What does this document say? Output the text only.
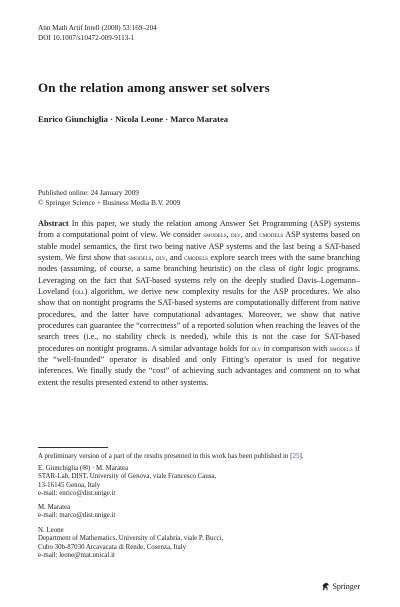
Ann Math Artif Intell (2008) 53:169–204
DOI 10.1007/s10472-009-9113-1
On the relation among answer set solvers
Enrico Giunchiglia · Nicola Leone · Marco Maratea
Published online: 24 January 2009
© Springer Science + Business Media B.V. 2009
Abstract In this paper, we study the relation among Answer Set Programming (ASP) systems from a computational point of view. We consider smodels, dlv, and cmodels ASP systems based on stable model semantics, the first two being native ASP systems and the last being a SAT-based system. We first show that smodels, dlv, and cmodels explore search trees with the same branching nodes (assuming, of course, a same branching heuristic) on the class of tight logic programs. Leveraging on the fact that SAT-based systems rely on the deeply studied Davis–Logemann–Loveland (dll) algorithm, we derive new complexity results for the ASP procedures. We also show that on nontight programs the SAT-based systems are computationally different from native procedures, and the latter have computational advantages. Moreover, we show that native procedures can guarantee the “correctness” of a reported solution when reaching the leaves of the search trees (i.e., no stability check is needed), while this is not the case for SAT-based procedures on nontight programs. A similar advantage holds for dlv in comparison with smodels if the “well-founded” operator is disabled and only Fitting’s operator is used for negative inferences. We finally study the “cost” of achieving such advantages and comment on to what extent the results presented extend to other systems.
A preliminary version of a part of the results presented in this work has been published in [25].
E. Giunchiglia (✉) · M. Maratea
STAR-Lab, DIST, University of Genova, viale Francesco Causa,
13-16145 Genoa, Italy
e-mail: enrico@dist.unige.it
M. Maratea
e-mail: marco@dist.unige.it
N. Leone
Department of Mathematics, University of Calabria, viale P. Bucci,
Cubo 30b-87030 Arcavacata di Rende, Cosenza, Italy
e-mail: leone@mat.unical.it
Springer
